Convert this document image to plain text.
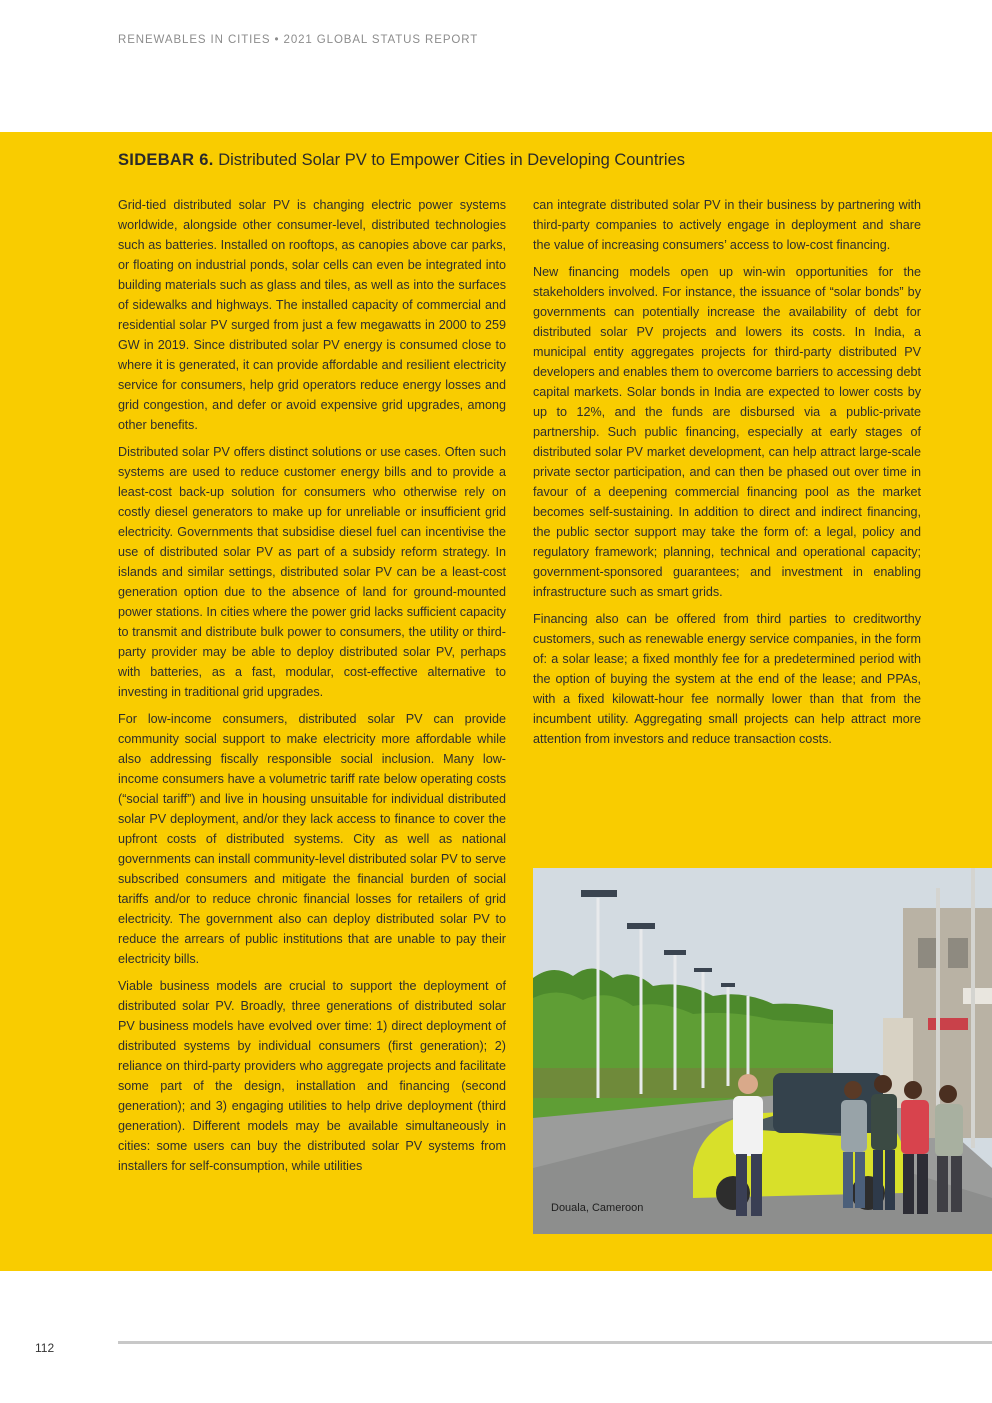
RENEWABLES IN CITIES • 2021 GLOBAL STATUS REPORT
SIDEBAR 6. Distributed Solar PV to Empower Cities in Developing Countries

Grid-tied distributed solar PV is changing electric power systems worldwide, alongside other consumer-level, distributed technologies such as batteries. Installed on rooftops, as canopies above car parks, or floating on industrial ponds, solar cells can even be integrated into building materials such as glass and tiles, as well as into the surfaces of sidewalks and highways. The installed capacity of commercial and residential solar PV surged from just a few megawatts in 2000 to 259 GW in 2019. Since distributed solar PV energy is consumed close to where it is generated, it can provide affordable and resilient electricity service for consumers, help grid operators reduce energy losses and grid congestion, and defer or avoid expensive grid upgrades, among other benefits.

Distributed solar PV offers distinct solutions or use cases. Often such systems are used to reduce customer energy bills and to provide a least-cost back-up solution for consumers who otherwise rely on costly diesel generators to make up for unreliable or insufficient grid electricity. Governments that subsidise diesel fuel can incentivise the use of distributed solar PV as part of a subsidy reform strategy. In islands and similar settings, distributed solar PV can be a least-cost generation option due to the absence of land for ground-mounted power stations. In cities where the power grid lacks sufficient capacity to transmit and distribute bulk power to consumers, the utility or third-party provider may be able to deploy distributed solar PV, perhaps with batteries, as a fast, modular, cost-effective alternative to investing in traditional grid upgrades.

For low-income consumers, distributed solar PV can provide community social support to make electricity more affordable while also addressing fiscally responsible social inclusion. Many low-income consumers have a volumetric tariff rate below operating costs (“social tariff”) and live in housing unsuitable for individual distributed solar PV deployment, and/or they lack access to finance to cover the upfront costs of distributed systems. City as well as national governments can install community-level distributed solar PV to serve subscribed consumers and mitigate the financial burden of social tariffs and/or to reduce chronic financial losses for retailers of grid electricity. The government also can deploy distributed solar PV to reduce the arrears of public institutions that are unable to pay their electricity bills.

Viable business models are crucial to support the deployment of distributed solar PV. Broadly, three generations of distributed solar PV business models have evolved over time: 1) direct deployment of distributed systems by individual consumers (first generation); 2) reliance on third-party providers who aggregate projects and facilitate some part of the design, installation and financing (second generation); and 3) engaging utilities to help drive deployment (third generation). Different models may be available simultaneously in cities: some users can buy the distributed solar PV systems from installers for self-consumption, while utilities

can integrate distributed solar PV in their business by partnering with third-party companies to actively engage in deployment and share the value of increasing consumers’ access to low-cost financing.

New financing models open up win-win opportunities for the stakeholders involved. For instance, the issuance of “solar bonds” by governments can potentially increase the availability of debt for distributed solar PV projects and lowers its costs. In India, a municipal entity aggregates projects for third-party distributed PV developers and enables them to overcome barriers to accessing debt capital markets. Solar bonds in India are expected to lower costs by up to 12%, and the funds are disbursed via a public-private partnership. Such public financing, especially at early stages of distributed solar PV market development, can help attract large-scale private sector participation, and can then be phased out over time in favour of a deepening commercial financing pool as the market becomes self-sustaining. In addition to direct and indirect financing, the public sector support may take the form of: a legal, policy and regulatory framework; planning, technical and operational capacity; government-sponsored guarantees; and investment in enabling infrastructure such as smart grids.

Financing also can be offered from third parties to creditworthy customers, such as renewable energy service companies, in the form of: a solar lease; a fixed monthly fee for a predetermined period with the option of buying the system at the end of the lease; and PPAs, with a fixed kilowatt-hour fee normally lower than that from the incumbent utility. Aggregating small projects can help attract more attention from investors and reduce transaction costs.

Douala, Cameroon
112
